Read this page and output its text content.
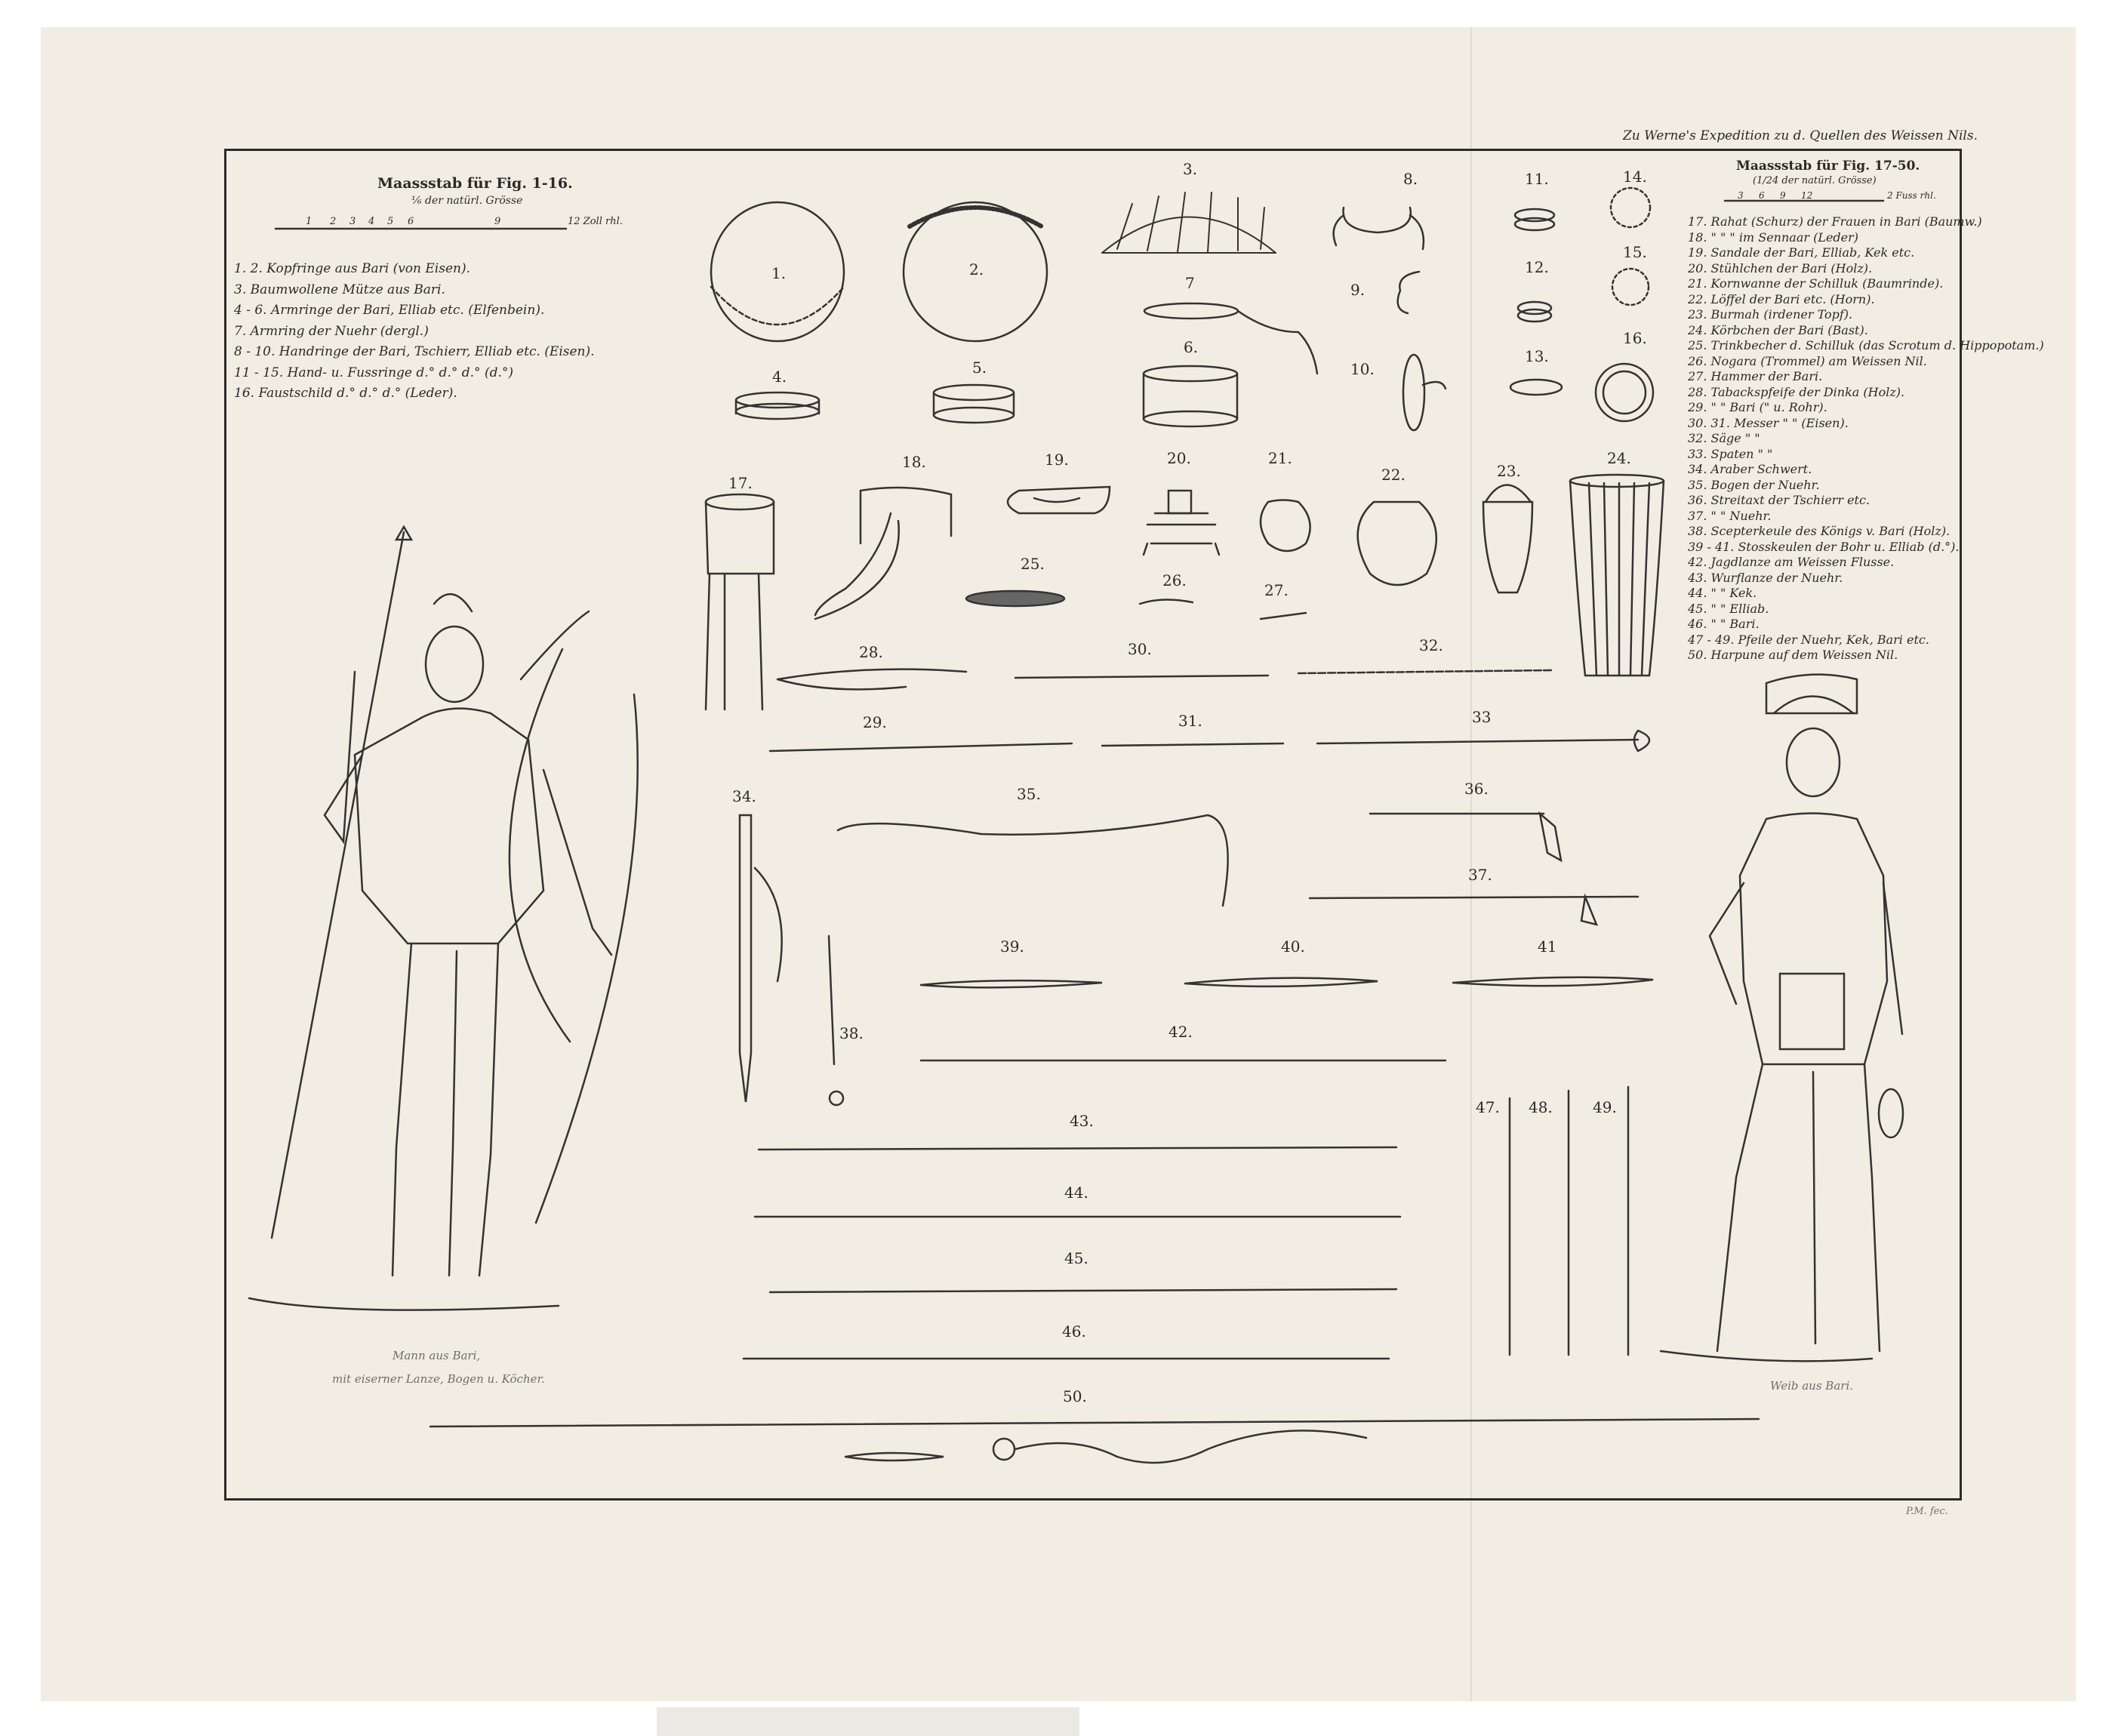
Zu Werne's Expedition zu d. Quellen des Weissen Nils.
Maassstab für Fig. 1-16.
⅙ der natürl. Grösse
1 2 3 4 5 6	9	12 Zoll rhl.
1. 2. Kopfringe aus Bari (von Eisen).
3. Baumwollene Mütze aus Bari.
4 - 6. Armringe der Bari, Elliab etc. (Elfenbein).
7. Armring der Nuehr (dergl.)
8 - 10. Handringe der Bari, Tschierr, Elliab etc. (Eisen).
11 - 15. Hand- u. Fussringe d.° d.° d.° (d.°)
16. Faustschild d.° d.° d.° (Leder).
Maassstab für Fig. 17-50.
(1/24 der natürl. Grösse)
3 6 9 12	2 Fuss rhl.
17. Rahat (Schurz) der Frauen in Bari (Baumw.)
18. " " " im Sennaar (Leder)
19. Sandale der Bari, Elliab, Kek etc.
20. Stühlchen der Bari (Holz).
21. Kornwanne der Schilluk (Baumrinde).
22. Löffel der Bari etc. (Horn).
23. Burmah (irdener Topf).
24. Körbchen der Bari (Bast).
25. Trinkbecher d. Schilluk (das Scrotum d. Hippopotam.)
26. Nogara (Trommel) am Weissen Nil.
27. Hammer der Bari.
28. Tabackspfeife der Dinka (Holz).
29. " " Bari (" u. Rohr).
30. 31. Messer " " (Eisen).
32. Säge " "
33. Spaten " "
34. Araber Schwert.
35. Bogen der Nuehr.
36. Streitaxt der Tschierr etc.
37. " " Nuehr.
38. Scepterkeule des Königs v. Bari (Holz).
39 - 41. Stosskeulen der Bohr u. Elliab (d.°).
42. Jagdlanze am Weissen Flusse.
43. Wurflanze der Nuehr.
44. " " Kek.
45. " " Elliab.
46. " " Bari.
47 - 49. Pfeile der Nuehr, Kek, Bari etc.
50. Harpune auf dem Weissen Nil.
1.	2.
3.
4.	5.
6.
7
8.
9.
10.
11.
12.
13.
14.
15.
16.
17.
18.	19.	20.	21.
22.	23.
24.
25.
26.
27.
28.
29.
30.
31.
32.
33
34.	35.	36.
37.
38.
39.	40.	41
42.
43.
44.
45.
46.
47. 48.	49.
50.
Mann aus Bari,
mit eiserner Lanze, Bogen u. Köcher.	Weib aus Bari.
P.M. fec.
